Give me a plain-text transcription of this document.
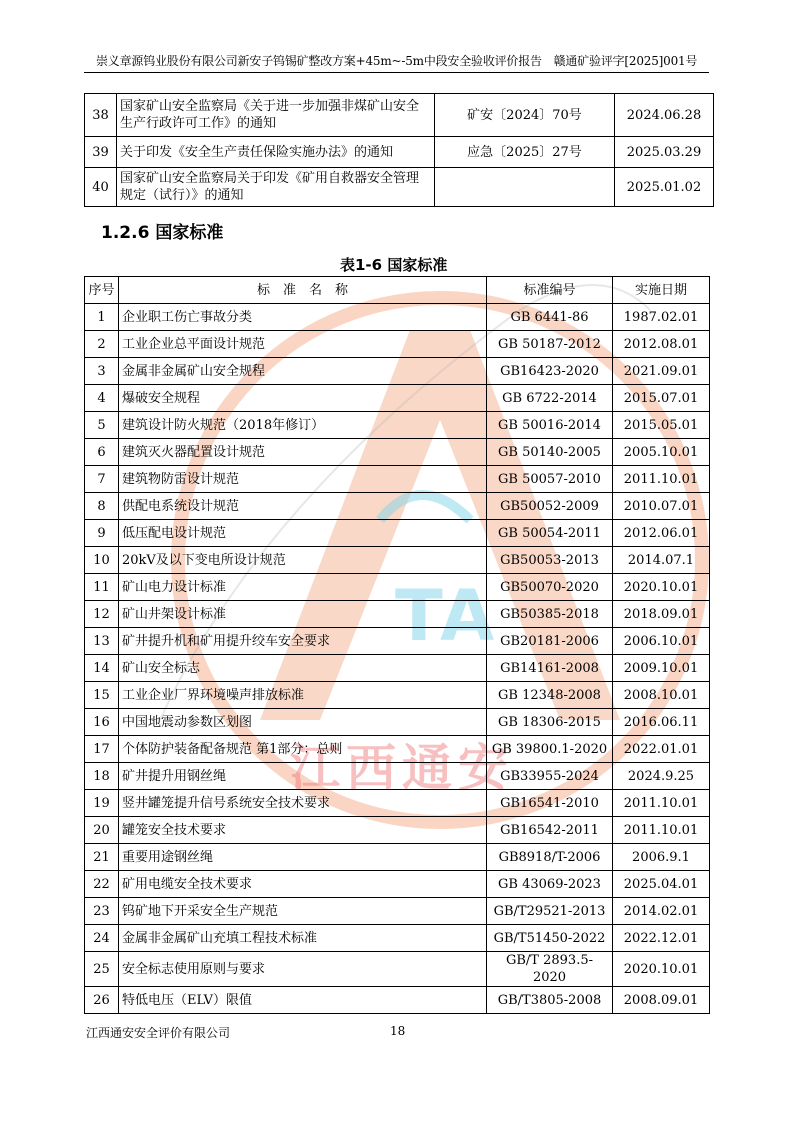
T
A
江西通安
崇义章源钨业股份有限公司新安子钨锡矿整改方案+45m~-5m中段安全验收评价报告　赣通矿验评字[2025]001号
38	国家矿山安全监察局《关于进一步加强非煤矿山安全生产行政许可工作》的通知	矿安〔2024〕70号	2024.06.28
39	关于印发《安全生产责任保险实施办法》的通知	应急〔2025〕27号	2025.03.29
40	国家矿山安全监察局关于印发《矿用自救器安全管理规定（试行）》的通知		2025.01.02
1.2.6 国家标准
表1-6 国家标准
序号	标　准　名　称	标准编号	实施日期
1	企业职工伤亡事故分类	GB 6441-86	1987.02.01
2	工业企业总平面设计规范	GB 50187-2012	2012.08.01
3	金属非金属矿山安全规程	GB16423-2020	2021.09.01
4	爆破安全规程	GB 6722-2014	2015.07.01
5	建筑设计防火规范（2018年修订）	GB 50016-2014	2015.05.01
6	建筑灭火器配置设计规范	GB 50140-2005	2005.10.01
7	建筑物防雷设计规范	GB 50057-2010	2011.10.01
8	供配电系统设计规范	GB50052-2009	2010.07.01
9	低压配电设计规范	GB 50054-2011	2012.06.01
10	20kV及以下变电所设计规范	GB50053-2013	2014.07.1
11	矿山电力设计标准	GB50070-2020	2020.10.01
12	矿山井架设计标准	GB50385-2018	2018.09.01
13	矿井提升机和矿用提升绞车安全要求	GB20181-2006	2006.10.01
14	矿山安全标志	GB14161-2008	2009.10.01
15	工业企业厂界环境噪声排放标准	GB 12348-2008	2008.10.01
16	中国地震动参数区划图	GB 18306-2015	2016.06.11
17	个体防护装备配备规范 第1部分：总则	GB 39800.1-2020	2022.01.01
18	矿井提升用钢丝绳	GB33955-2024	2024.9.25
19	竖井罐笼提升信号系统安全技术要求	GB16541-2010	2011.10.01
20	罐笼安全技术要求	GB16542-2011	2011.10.01
21	重要用途钢丝绳	GB8918/T-2006	2006.9.1
22	矿用电缆安全技术要求	GB 43069-2023	2025.04.01
23	钨矿地下开采安全生产规范	GB/T29521-2013	2014.02.01
24	金属非金属矿山充填工程技术标准	GB/T51450-2022	2022.12.01
25	安全标志使用原则与要求	GB/T 2893.5-2020	2020.10.01
26	特低电压（ELV）限值	GB/T3805-2008	2008.09.01
江西通安安全评价有限公司	18
